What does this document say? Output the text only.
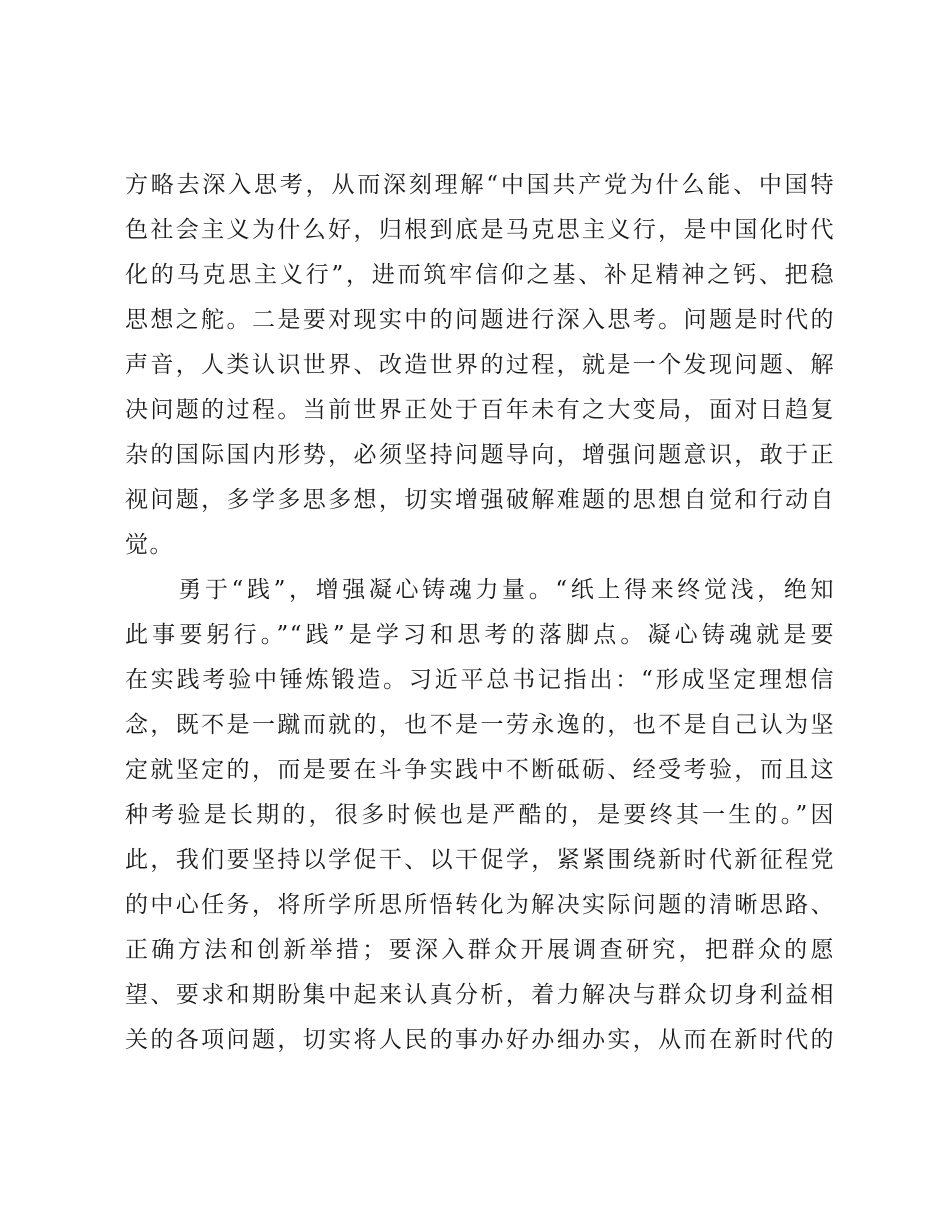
方略去深入思考，从而深刻理解“中国共产党为什么能、中国特
色社会主义为什么好，归根到底是马克思主义行，是中国化时代
化的马克思主义行”，进而筑牢信仰之基、补足精神之钙、把稳
思想之舵。二是要对现实中的问题进行深入思考。问题是时代的
声音，人类认识世界、改造世界的过程，就是一个发现问题、解
决问题的过程。当前世界正处于百年未有之大变局，面对日趋复
杂的国际国内形势，必须坚持问题导向，增强问题意识，敢于正
视问题，多学多思多想，切实增强破解难题的思想自觉和行动自
觉。
　　勇于“践”，增强凝心铸魂力量。“纸上得来终觉浅，绝知
此事要躬行。”“践”是学习和思考的落脚点。凝心铸魂就是要
在实践考验中锤炼锻造。习近平总书记指出：“形成坚定理想信
念，既不是一蹴而就的，也不是一劳永逸的，也不是自己认为坚
定就坚定的，而是要在斗争实践中不断砥砺、经受考验，而且这
种考验是长期的，很多时候也是严酷的，是要终其一生的。”因
此，我们要坚持以学促干、以干促学，紧紧围绕新时代新征程党
的中心任务，将所学所思所悟转化为解决实际问题的清晰思路、
正确方法和创新举措；要深入群众开展调查研究，把群众的愿
望、要求和期盼集中起来认真分析，着力解决与群众切身利益相
关的各项问题，切实将人民的事办好办细办实，从而在新时代的
